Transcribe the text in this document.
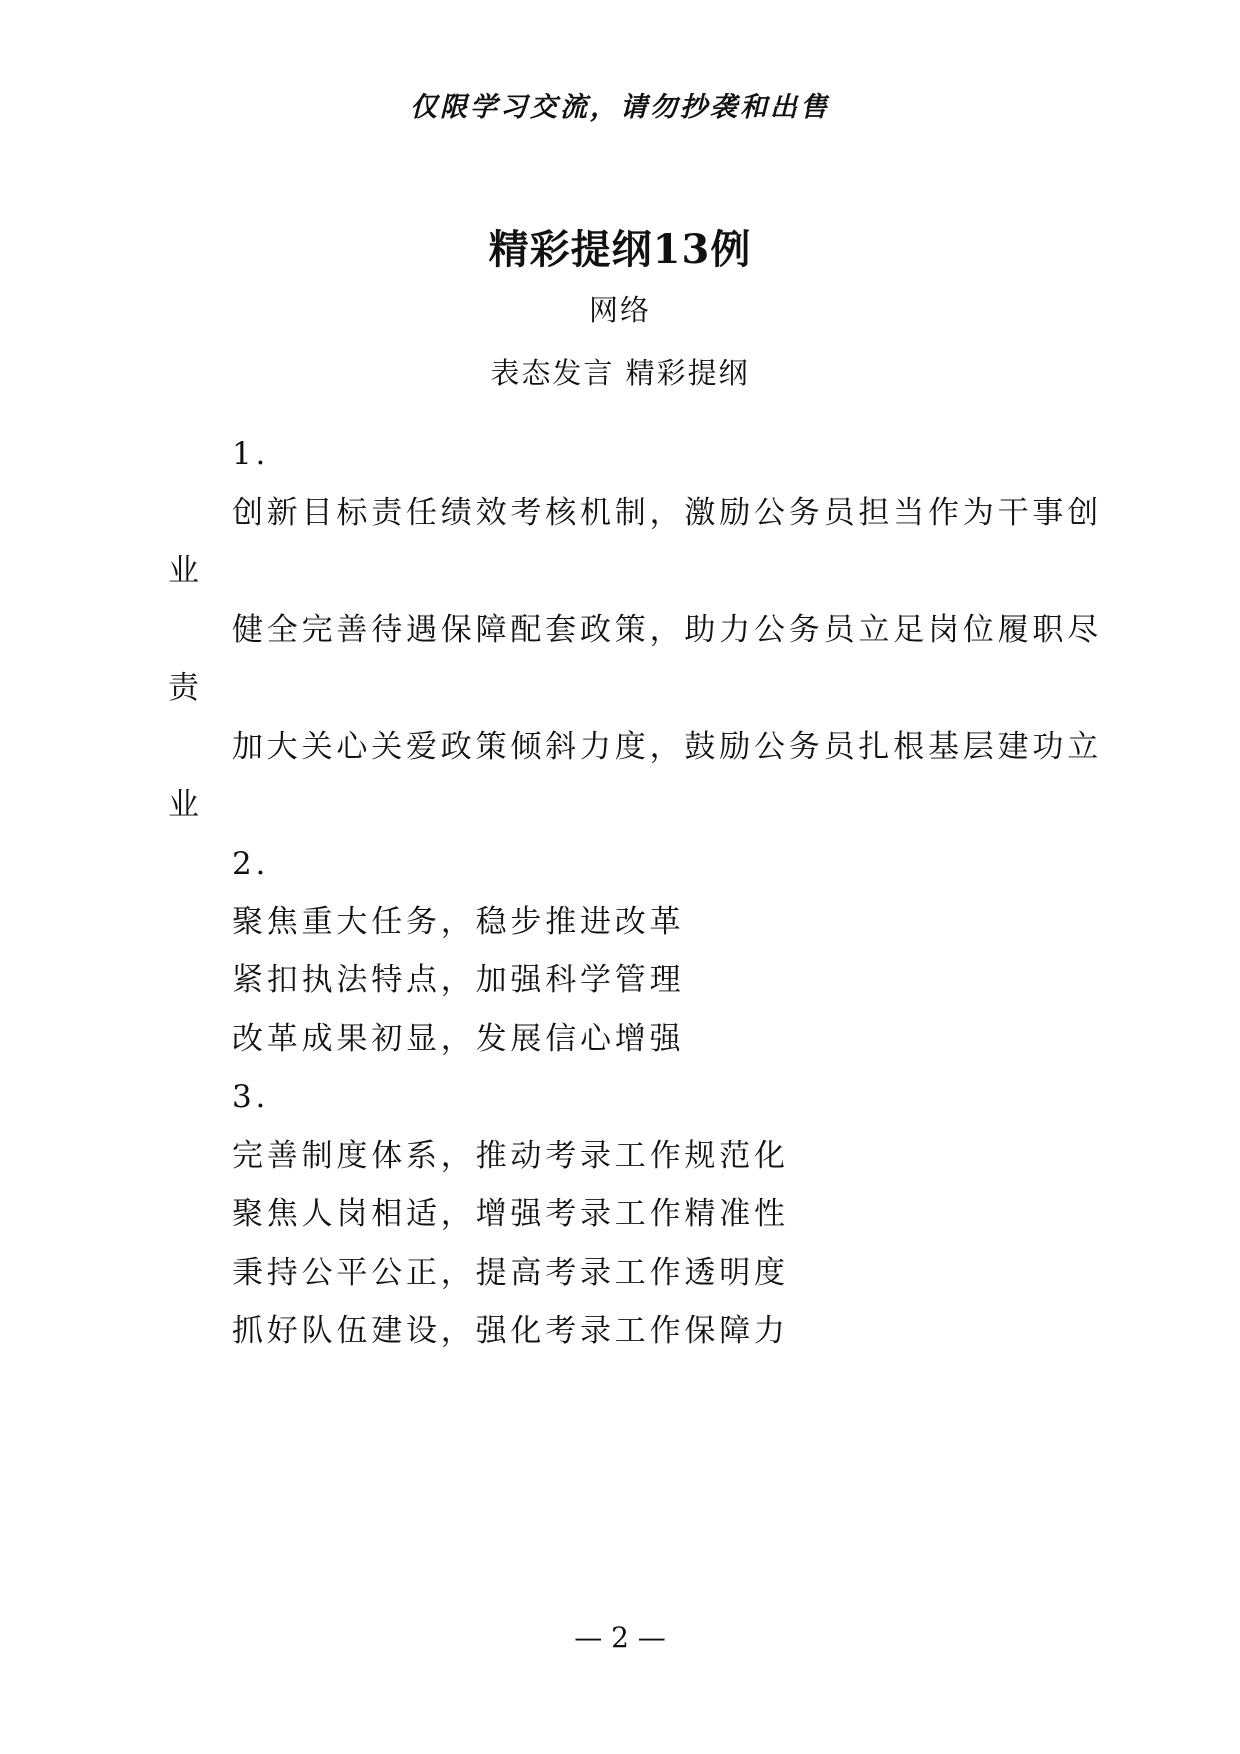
仅限学习交流，请勿抄袭和出售
精彩提纲13例
网络
表态发言 精彩提纲
1.
创新目标责任绩效考核机制，激励公务员担当作为干事创
业
健全完善待遇保障配套政策，助力公务员立足岗位履职尽
责
加大关心关爱政策倾斜力度，鼓励公务员扎根基层建功立
业
2.
聚焦重大任务，稳步推进改革
紧扣执法特点，加强科学管理
改革成果初显，发展信心增强
3.
完善制度体系，推动考录工作规范化
聚焦人岗相适，增强考录工作精准性
秉持公平公正，提高考录工作透明度
抓好队伍建设，强化考录工作保障力
— 2 —
